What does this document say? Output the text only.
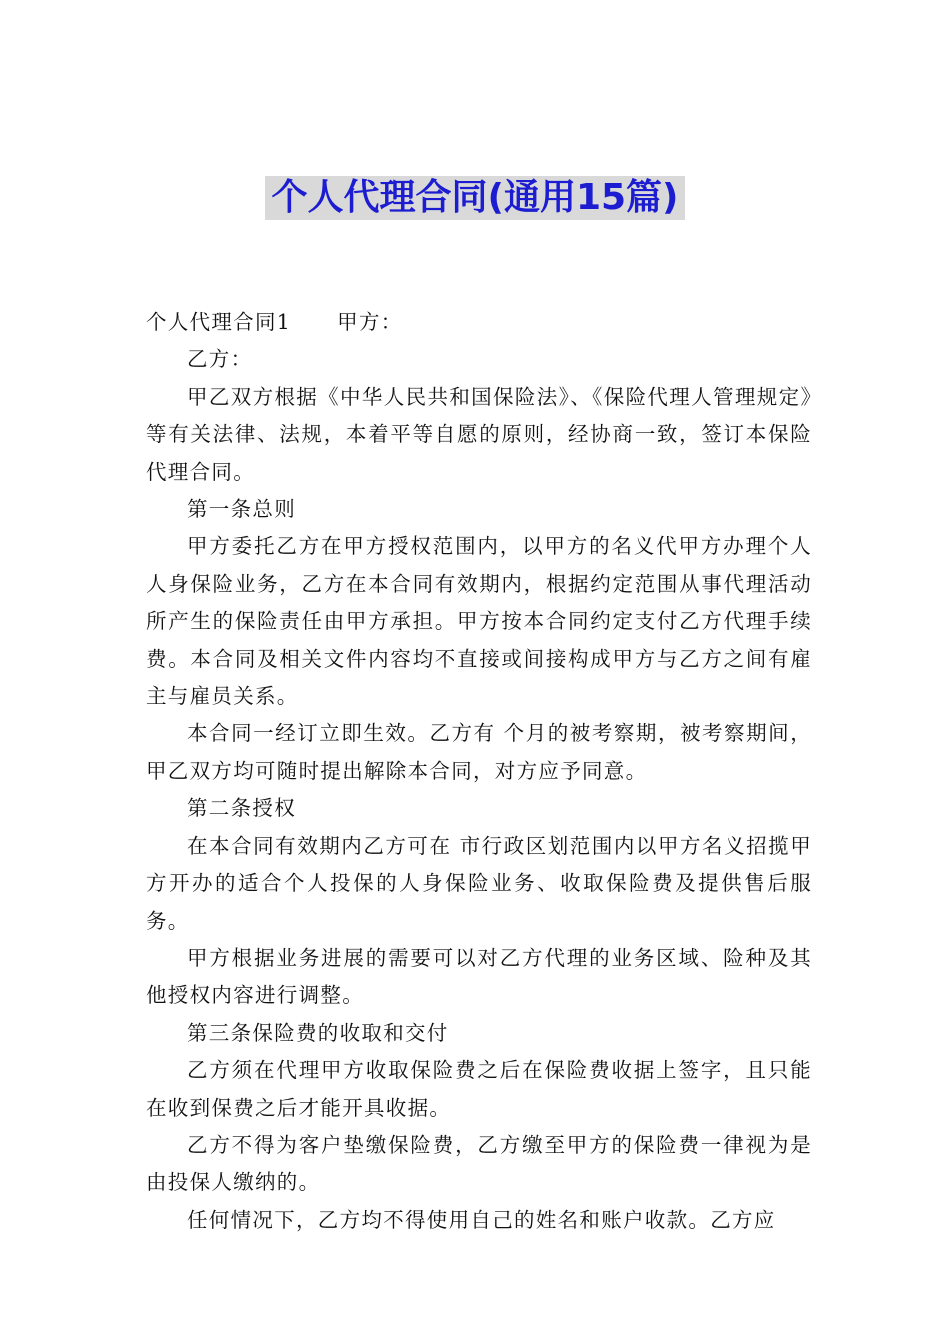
个人代理合同(通用15篇)

个人代理合同1 甲方：

乙方：

甲乙双方根据《中华人民共和国保险法》、《保险代理人管理规定》等有关法律、法规，本着平等自愿的原则，经协商一致，签订本保险代理合同。

第一条总则

甲方委托乙方在甲方授权范围内，以甲方的名义代甲方办理个人人身保险业务，乙方在本合同有效期内，根据约定范围从事代理活动所产生的保险责任由甲方承担。甲方按本合同约定支付乙方代理手续费。本合同及相关文件内容均不直接或间接构成甲方与乙方之间有雇主与雇员关系。

本合同一经订立即生效。乙方有 个月的被考察期，被考察期间，甲乙双方均可随时提出解除本合同，对方应予同意。

第二条授权

在本合同有效期内乙方可在 市行政区划范围内以甲方名义招揽甲方开办的适合个人投保的人身保险业务、收取保险费及提供售后服务。

甲方根据业务进展的需要可以对乙方代理的业务区域、险种及其他授权内容进行调整。

第三条保险费的收取和交付

乙方须在代理甲方收取保险费之后在保险费收据上签字，且只能在收到保费之后才能开具收据。

乙方不得为客户垫缴保险费，乙方缴至甲方的保险费一律视为是由投保人缴纳的。

任何情况下，乙方均不得使用自己的姓名和账户收款。乙方应
